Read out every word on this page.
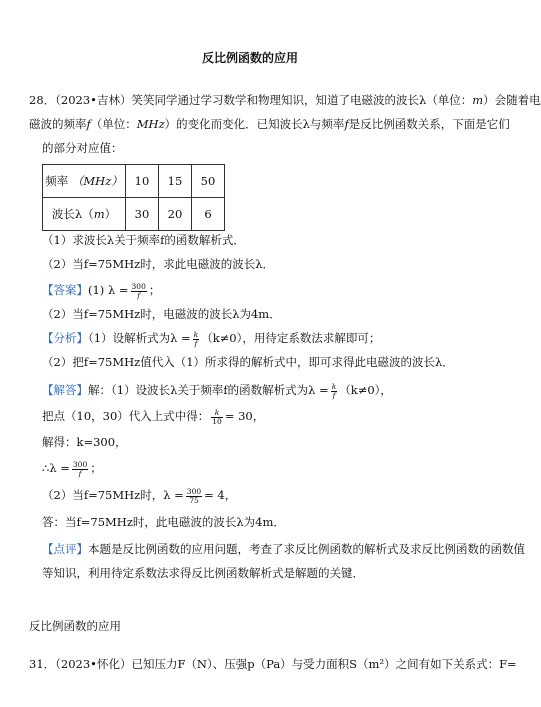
反比例函数的应用
28．（2023•吉林）笑笑同学通过学习数学和物理知识，知道了电磁波的波长λ（单位：m）会随着电
磁波的频率f（单位：MHz）的变化而变化．已知波长λ与频率f是反比例函数关系，下面是它们
的部分对应值：
频率 （MHz）	10	15	50
波长λ（m）	30	20	6
（1）求波长λ关于频率f的函数解析式．
（2）当f=75MHz时，求此电磁波的波长λ．
【答案】(1) $\lambda = \frac{300}{f}$ ；
（2）当f=75MHz时，电磁波的波长λ为4m．
【分析】（1）设解析式为$\lambda = \frac{k}{f} (k\ne 0)$，用待定系数法求解即可；
（2）把f=75MHz值代入（1）所求得的解析式中，即可求得此电磁波的波长λ．
【解答】解：（1）设波长λ关于频率f的函数解析式为$\lambda = \frac{k}{f} (k\ne 0)$，
把点（10，30）代入上式中得： $\frac{k}{10} = 30$，
解得：k=300，
∴λ = $\frac{300}{f}$ ；
（2）当f=75MHz时，$\lambda = \frac{300}{75} = 4$，
答：当f=75MHz时，此电磁波的波长λ为4m．
【点评】本题是反比例函数的应用问题，考查了求反比例函数的解析式及求反比例函数的函数值
等知识，利用待定系数法求得反比例函数解析式是解题的关键．
反比例函数的应用
31．（2023•怀化）已知压力F（N）、压强p（Pa）与受力面积S（m²）之间有如下关系式：F=
